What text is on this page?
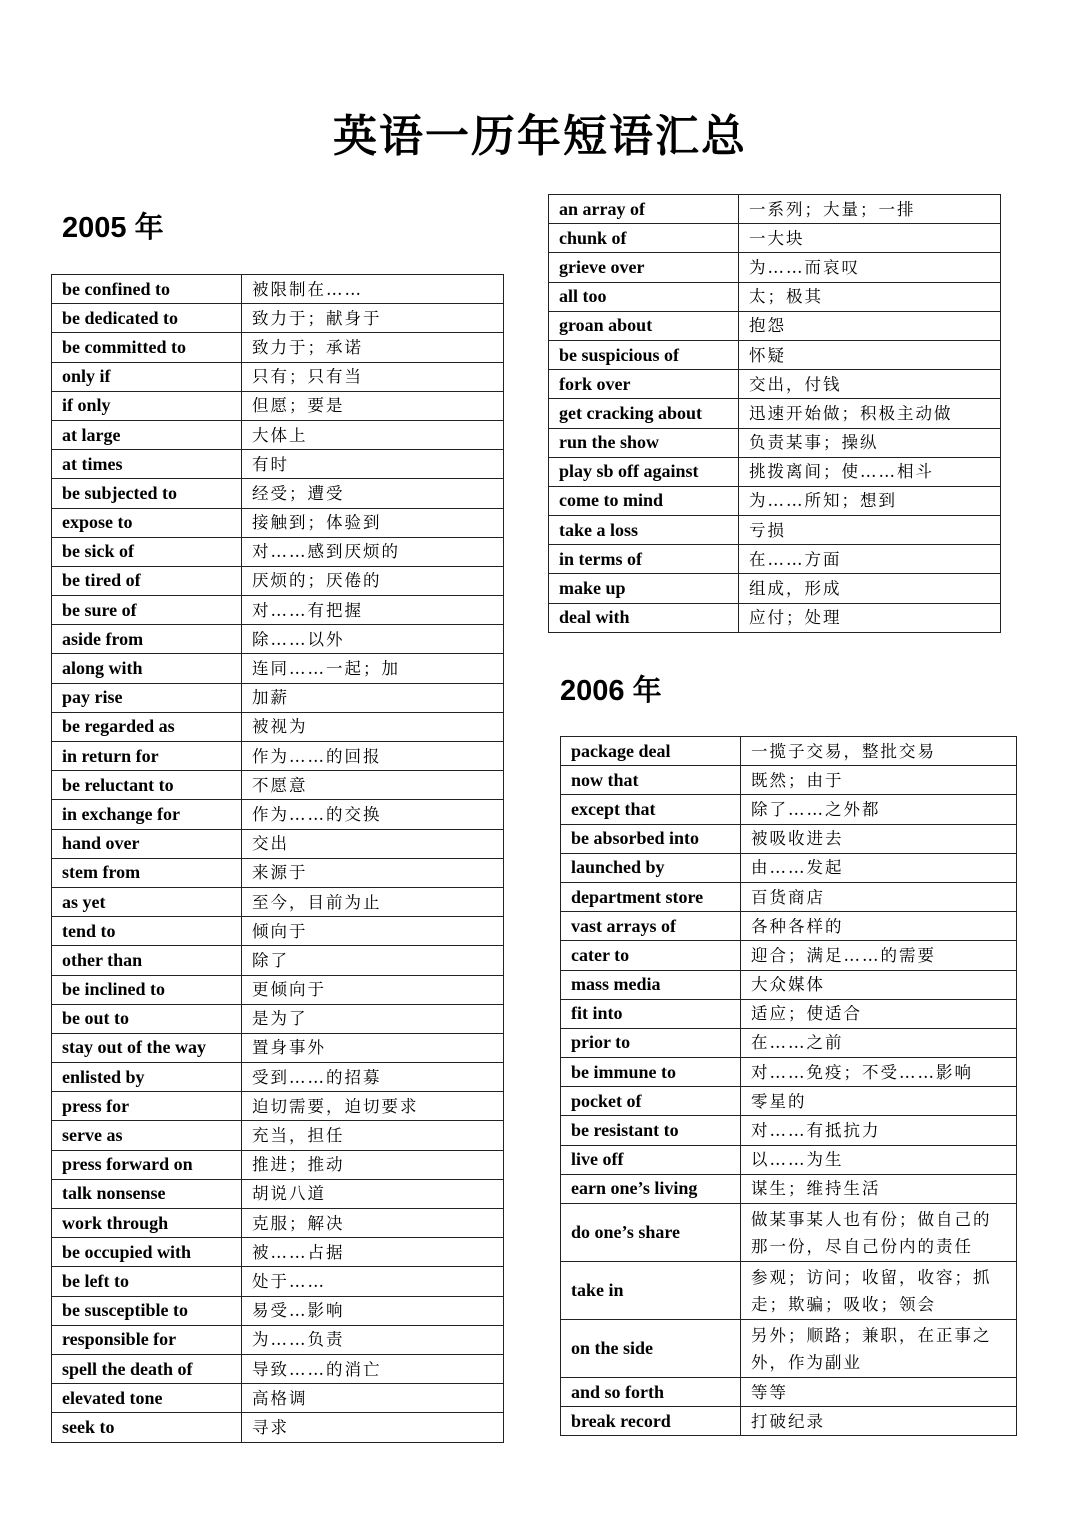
英语一历年短语汇总
2005 年
2006 年
be confined to	被限制在……
be dedicated to	致力于；献身于
be committed to	致力于；承诺
only if	只有；只有当
if only	但愿；要是
at large	大体上
at times	有时
be subjected to	经受；遭受
expose to	接触到；体验到
be sick of	对……感到厌烦的
be tired of	厌烦的；厌倦的
be sure of	对……有把握
aside from	除……以外
along with	连同……一起；加
pay rise	加薪
be regarded as	被视为
in return for	作为……的回报
be reluctant to	不愿意
in exchange for	作为……的交换
hand over	交出
stem from	来源于
as yet	至今，目前为止
tend to	倾向于
other than	除了
be inclined to	更倾向于
be out to	是为了
stay out of the way	置身事外
enlisted by	受到……的招募
press for	迫切需要，迫切要求
serve as	充当，担任
press forward on	推进；推动
talk nonsense	胡说八道
work through	克服；解决
be occupied with	被……占据
be left to	处于……
be susceptible to	易受…影响
responsible for	为……负责
spell the death of	导致……的消亡
elevated tone	高格调
seek to	寻求
an array of	一系列；大量；一排
chunk of	一大块
grieve over	为……而哀叹
all too	太；极其
groan about	抱怨
be suspicious of	怀疑
fork over	交出，付钱
get cracking about	迅速开始做；积极主动做
run the show	负责某事；操纵
play sb off against	挑拨离间；使……相斗
come to mind	为……所知；想到
take a loss	亏损
in terms of	在……方面
make up	组成，形成
deal with	应付；处理
package deal	一揽子交易，整批交易
now that	既然；由于
except that	除了……之外都
be absorbed into	被吸收进去
launched by	由……发起
department store	百货商店
vast arrays of	各种各样的
cater to	迎合；满足……的需要
mass media	大众媒体
fit into	适应；使适合
prior to	在……之前
be immune to	对……免疫；不受……影响
pocket of	零星的
be resistant to	对……有抵抗力
live off	以……为生
earn one’s living	谋生；维持生活
do one’s share	做某事某人也有份；做自己的那一份，尽自己份内的责任
take in	参观；访问；收留，收容；抓走；欺骗；吸收；领会
on the side	另外；顺路；兼职，在正事之外，作为副业
and so forth	等等
break record	打破纪录
